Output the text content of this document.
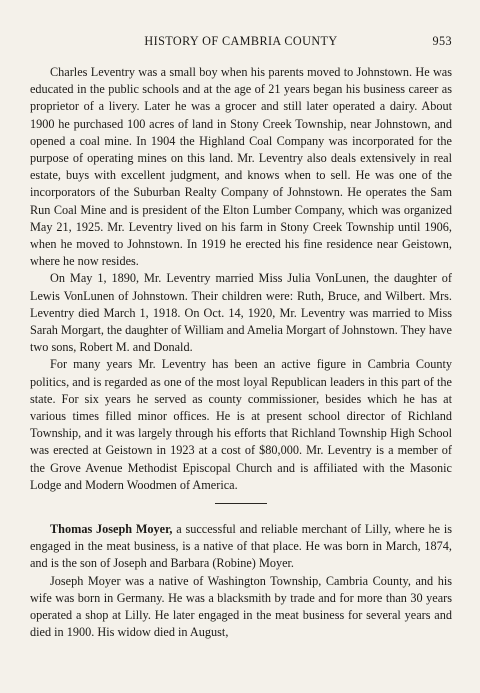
HISTORY OF CAMBRIA COUNTY	953

Charles Leventry was a small boy when his parents moved to Johnstown. He was educated in the public schools and at the age of 21 years began his business career as proprietor of a livery. Later he was a grocer and still later operated a dairy. About 1900 he purchased 100 acres of land in Stony Creek Township, near Johnstown, and opened a coal mine. In 1904 the Highland Coal Company was incorporated for the purpose of operating mines on this land. Mr. Leventry also deals extensively in real estate, buys with excellent judgment, and knows when to sell. He was one of the incorporators of the Suburban Realty Company of Johnstown. He operates the Sam Run Coal Mine and is president of the Elton Lumber Company, which was organized May 21, 1925. Mr. Leventry lived on his farm in Stony Creek Township until 1906, when he moved to Johnstown. In 1919 he erected his fine residence near Geistown, where he now resides.

On May 1, 1890, Mr. Leventry married Miss Julia VonLunen, the daughter of Lewis VonLunen of Johnstown. Their children were: Ruth, Bruce, and Wilbert. Mrs. Leventry died March 1, 1918. On Oct. 14, 1920, Mr. Leventry was married to Miss Sarah Morgart, the daughter of William and Amelia Morgart of Johnstown. They have two sons, Robert M. and Donald.

For many years Mr. Leventry has been an active figure in Cambria County politics, and is regarded as one of the most loyal Republican leaders in this part of the state. For six years he served as county commissioner, besides which he has at various times filled minor offices. He is at present school director of Richland Township, and it was largely through his efforts that Richland Township High School was erected at Geistown in 1923 at a cost of $80,000. Mr. Leventry is a member of the Grove Avenue Methodist Episcopal Church and is affiliated with the Masonic Lodge and Modern Woodmen of America.

Thomas Joseph Moyer, a successful and reliable merchant of Lilly, where he is engaged in the meat business, is a native of that place. He was born in March, 1874, and is the son of Joseph and Barbara (Robine) Moyer.

Joseph Moyer was a native of Washington Township, Cambria County, and his wife was born in Germany. He was a blacksmith by trade and for more than 30 years operated a shop at Lilly. He later engaged in the meat business for several years and died in 1900. His widow died in August,
